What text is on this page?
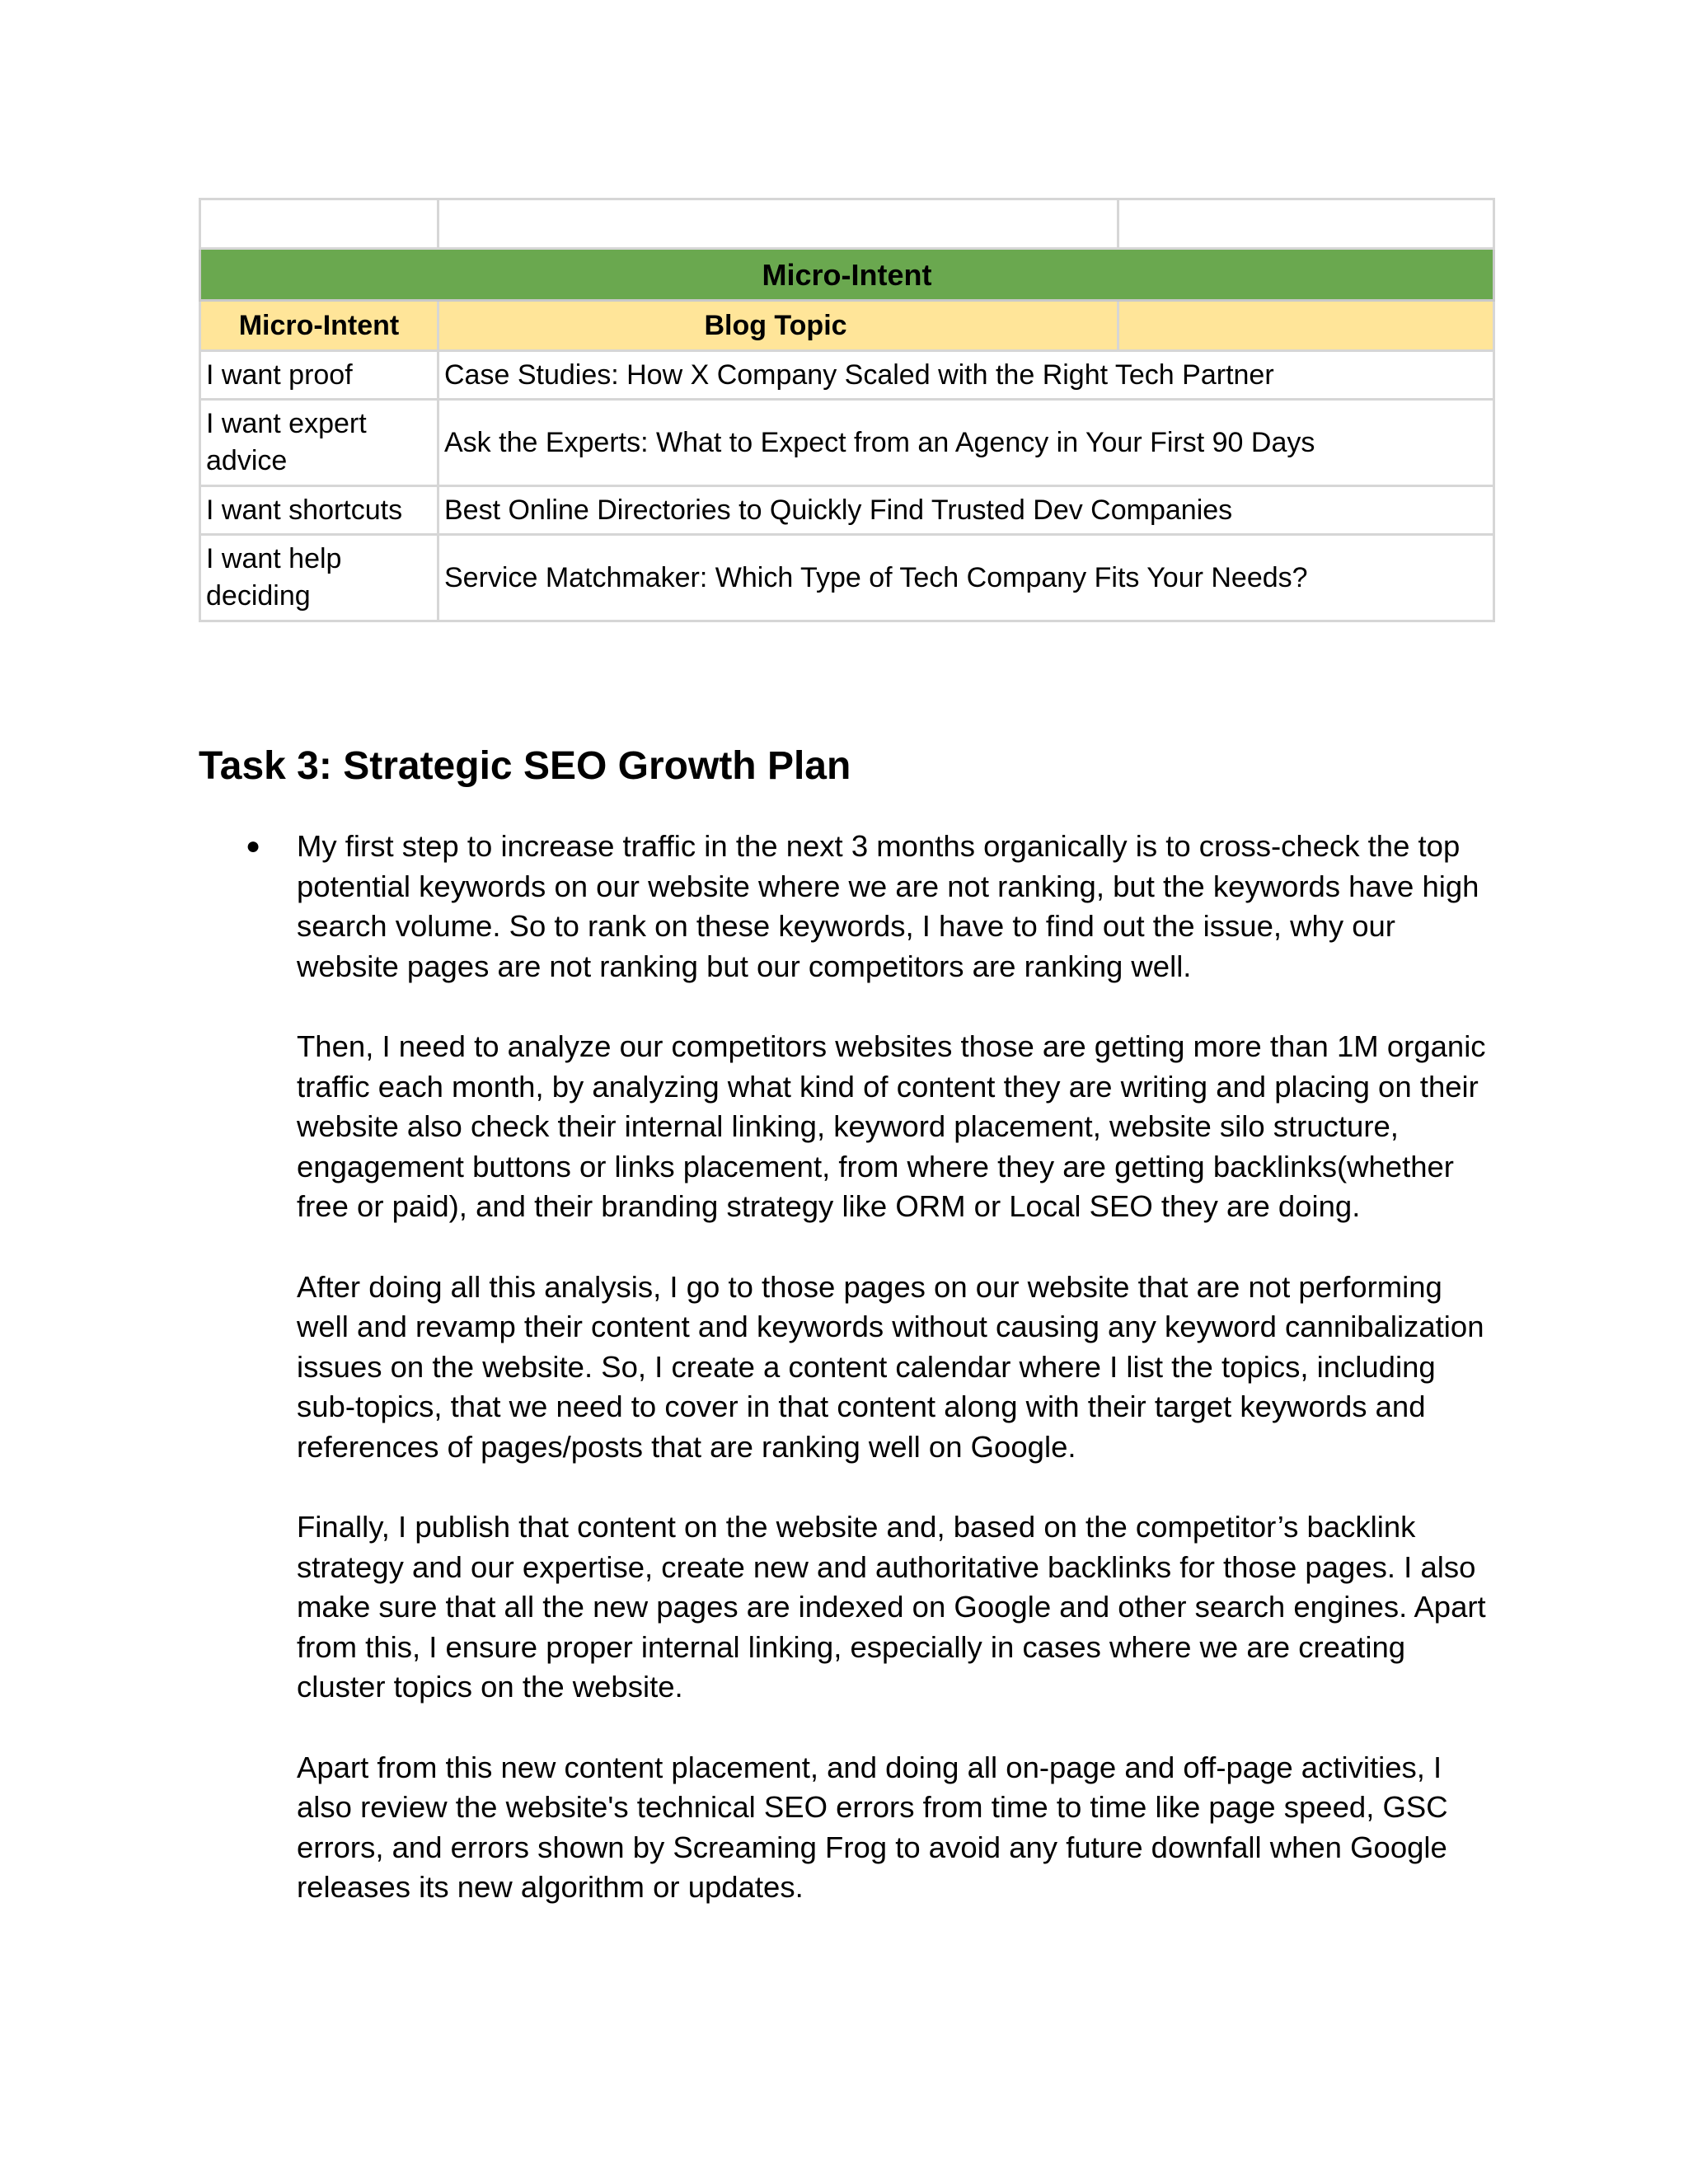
Micro-Intent		
Micro-Intent	Blog Topic	
I want proof	Case Studies: How X Company Scaled with the Right Tech Partner	
I want expert advice	Ask the Experts: What to Expect from an Agency in Your First 90 Days	
I want shortcuts	Best Online Directories to Quickly Find Trusted Dev Companies	
I want help deciding	Service Matchmaker: Which Type of Tech Company Fits Your Needs?	
Task 3: Strategic SEO Growth Plan
● My first step to increase traffic in the next 3 months organically is to cross-check the top potential keywords on our website where we are not ranking, but the keywords have high search volume. So to rank on these keywords, I have to find out the issue, why our website pages are not ranking but our competitors are ranking well.

Then, I need to analyze our competitors websites those are getting more than 1M organic traffic each month, by analyzing what kind of content they are writing and placing on their website also check their internal linking, keyword placement, website silo structure, engagement buttons or links placement, from where they are getting backlinks(whether free or paid), and their branding strategy like ORM or Local SEO they are doing.

After doing all this analysis, I go to those pages on our website that are not performing well and revamp their content and keywords without causing any keyword cannibalization issues on the website. So, I create a content calendar where I list the topics, including sub-topics, that we need to cover in that content along with their target keywords and references of pages/posts that are ranking well on Google.

Finally, I publish that content on the website and, based on the competitor’s backlink strategy and our expertise, create new and authoritative backlinks for those pages. I also make sure that all the new pages are indexed on Google and other search engines. Apart from this, I ensure proper internal linking, especially in cases where we are creating cluster topics on the website.

Apart from this new content placement, and doing all on-page and off-page activities, I also review the website's technical SEO errors from time to time like page speed, GSC errors, and errors shown by Screaming Frog to avoid any future downfall when Google releases its new algorithm or updates.
